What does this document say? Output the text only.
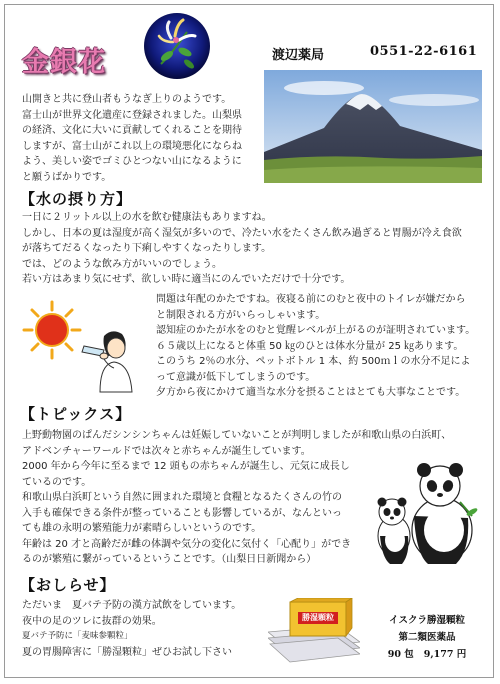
金銀花	渡辺薬局	0551-22-6161

山開きと共に登山者もうなぎ上りのようです。

富士山が世界文化遺産に登録されました。山梨県

の経済、文化に大いに貢献してくれることを期待

しますが、富士山がこれ以上の環境悪化にならね

よう、美しい姿でゴミひとつない山になるように

と願うばかりです。

【水の摂り方】

一日に２リットル以上の水を飲む健康法もありますね。

しかし、日本の夏は湿度が高く湿気が多いので、冷たい水をたくさん飲み過ぎると胃腸が冷え食欲

が落ちてだるくなったり下痢しやすくなったりします。

では、どのような飲み方がいいのでしょう。

若い方はあまり気にせず、欲しい時に適当にのんでいただけで十分です。

問題は年配のかたですね。夜寝る前にのむと夜中のトイレが嫌だから

と制限される方がいらっしゃいます。

認知症のかたが水をのむと覚醒レベルが上がるのが証明されています。

６５歳以上になると体重 50 ㎏のひとは体水分量が 25 ㎏あります。

このうち 2％の水分、ペットボトル 1 本、約 500ｍｌの水分不足によ

って意識が低下してしまうのです。

夕方から夜にかけて適当な水分を摂ることはとても大事なことです。

【トピックス】

上野動物園のぱんだシンシンちゃんは妊娠していないことが判明しましたが和歌山県の白浜町、

アドベンチャーワールドでは次々と赤ちゃんが誕生しています。

2000 年から今年に至るまで 12 頭もの赤ちゃんが誕生し、元気に成長し

ているのです。

和歌山県白浜町という自然に囲まれた環境と食糧となるたくさんの竹の

入手も確保できる条件が整っていることも影響しているが、なんといっ

ても雄の永明の繁殖能力が素晴らしいというのです。

年齢は 20 才と高齢だが雌の体調や気分の変化に気付く「心配り」ができ

るのが繁殖に繋がっているということです。（山梨日日新聞から）

【おしらせ】

ただいま　夏バテ予防の漢方試飲をしています。

夜中の足のツレに抜群の効果。

夏バテ予防に「麦味参顆粒」

夏の胃腸障害に「勝湿顆粒」ぜひお試し下さい

勝湿顆粒	イスクラ勝湿顆粒
第二類医薬品
90 包 9,177 円
